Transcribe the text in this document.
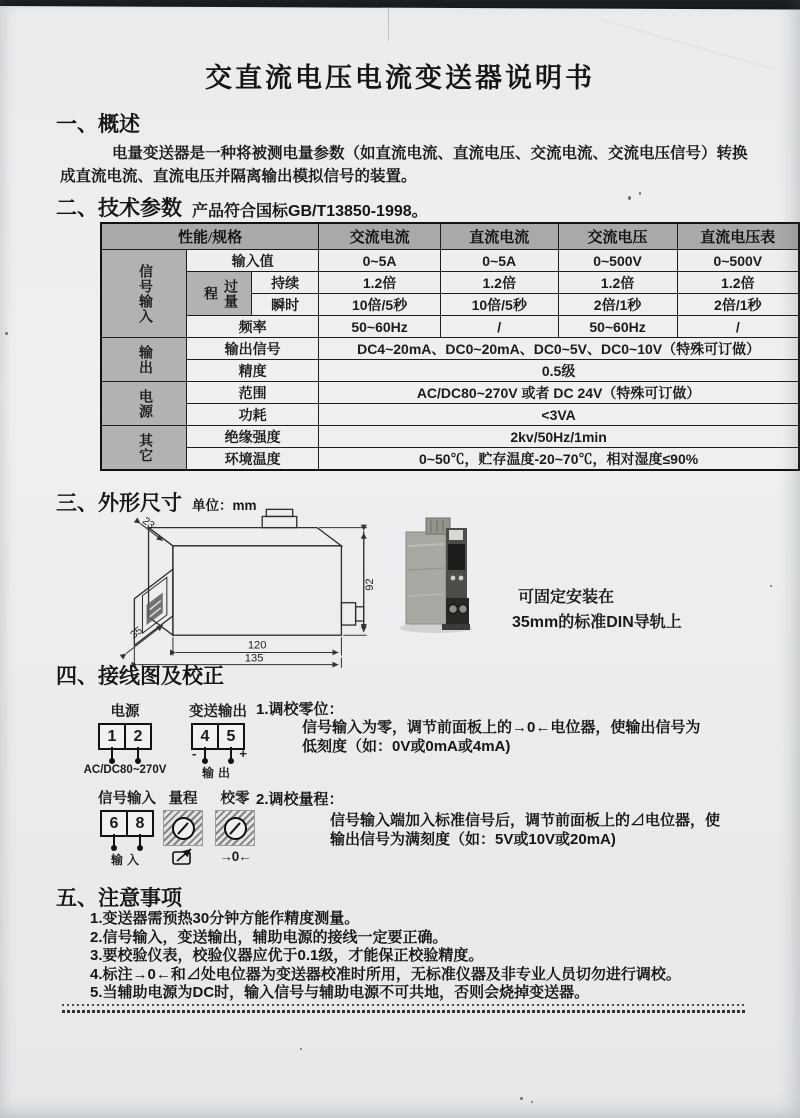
交直流电压电流变送器说明书
一、概述
电量变送器是一种将被测电量参数（如直流电流、直流电压、交流电流、交流电压信号）转换
成直流电流、直流电压并隔离输出模拟信号的装置。
二、技术参数 产品符合国标GB/T13850-1998。
性能/规格			交流电流	直流电流	交流电压	直流电压表
信号输入	输入值		0~5A	0~5A	0~500V	0~500V
	过量程	持续	1.2倍	1.2倍	1.2倍	1.2倍
		瞬时	10倍/5秒	10倍/5秒	2倍/1秒	2倍/1秒
	频率		50~60Hz	/	50~60Hz	/
输出	输出信号		DC4~20mA、DC0~20mA、DC0~5V、DC0~10V（特殊可订做）			
	精度		0.5级			
电源	范围		AC/DC80~270V 或者 DC 24V（特殊可订做）			
	功耗		<3VA			
其它	绝缘强度		2kv/50Hz/1min			
	环境温度		0~50℃，贮存温度-20~70℃，相对湿度≤90%			
三、外形尺寸 单位：mm
92
120
135
23
35
可固定安装在
35mm的标准DIN导轨上
四、接线图及校正
电源
1	2
AC/DC80~270V
变送输出
4	5
-	+
输出
1.调校零位：
信号输入为零，调节前面板上的→0←电位器，使输出信号为
低刻度（如：0V或0mA或4mA)
信号输入
6	8
输入
量程	校零
→0←
2.调校量程：
信号输入端加入标准信号后，调节前面板上的⊿电位器，使
输出信号为满刻度（如：5V或10V或20mA)
五、注意事项
1.变送器需预热30分钟方能作精度测量。
2.信号输入，变送输出，辅助电源的接线一定要正确。
3.要校验仪表，校验仪器应优于0.1级，才能保正校验精度。
4.标注→0←和⊿处电位器为变送器校准时所用，无标准仪器及非专业人员切勿进行调校。
5.当辅助电源为DC时，输入信号与辅助电源不可共地，否则会烧掉变送器。
